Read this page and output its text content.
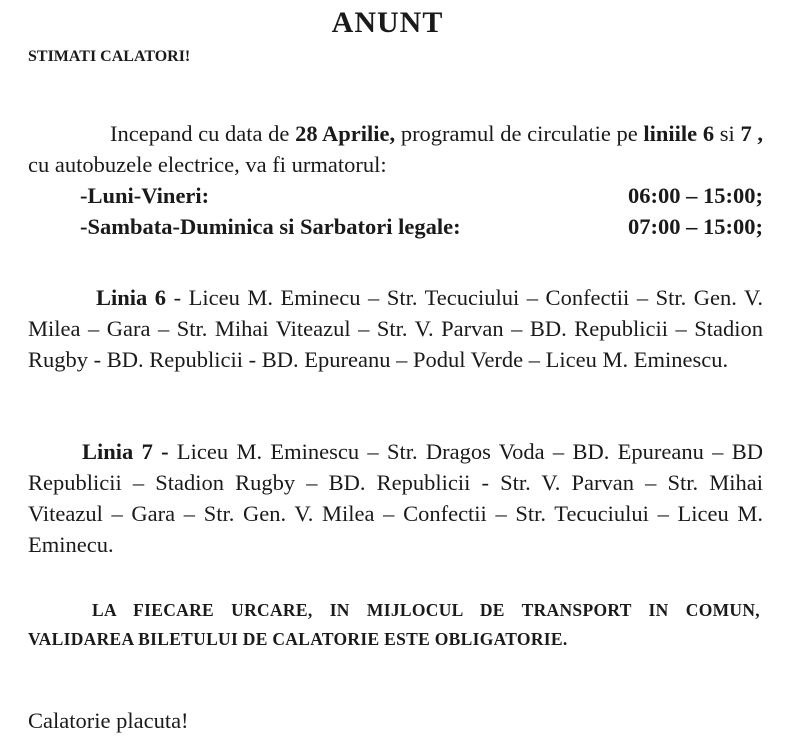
ANUNT
STIMATI CALATORI!
Incepand cu data de 28 Aprilie, programul de circulatie pe liniile 6 si 7 , cu autobuzele electrice, va fi urmatorul:
-Luni-Vineri:	06:00 – 15:00;
-Sambata-Duminica si Sarbatori legale:	07:00 – 15:00;
Linia 6 - Liceu M. Eminecu – Str. Tecuciului – Confectii – Str. Gen. V. Milea – Gara – Str. Mihai Viteazul – Str. V. Parvan – BD. Republicii – Stadion Rugby - BD. Republicii - BD. Epureanu – Podul Verde – Liceu M. Eminescu.
Linia 7 - Liceu M. Eminescu – Str. Dragos Voda – BD. Epureanu – BD Republicii – Stadion Rugby – BD. Republicii - Str. V. Parvan – Str. Mihai Viteazul – Gara – Str. Gen. V. Milea – Confectii – Str. Tecuciului – Liceu M. Eminecu.
LA FIECARE URCARE, IN MIJLOCUL DE TRANSPORT IN COMUN, VALIDAREA BILETULUI DE CALATORIE ESTE OBLIGATORIE.
Calatorie placuta!
